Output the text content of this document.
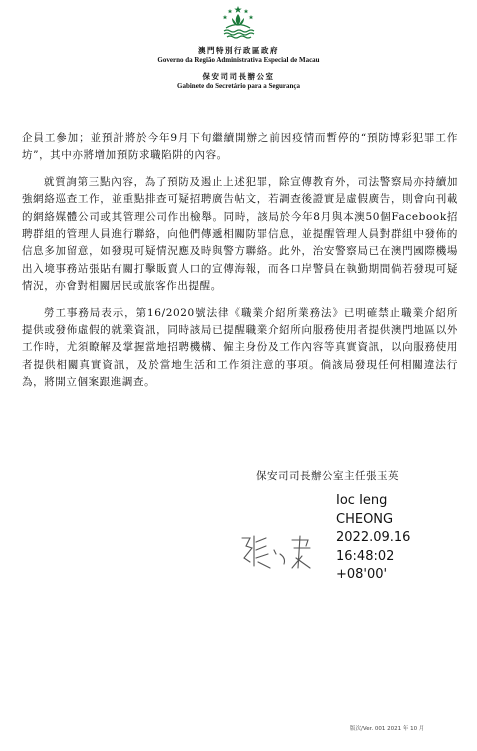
澳門特別行政區政府
Governo da Região Administrativa Especial de Macau
保安司司長辦公室
Gabinete do Secretário para a Segurança

企員工參加；並預計將於今年9月下旬繼續開辦之前因疫情而暫停的“預防博彩犯罪工作坊”，其中亦將增加預防求職陷阱的內容。

就質詢第三點內容，為了預防及遏止上述犯罪，除宣傳教育外，司法警察局亦持續加強網絡巡查工作，並重點排查可疑招聘廣告帖文，若調查後證實是虛假廣告，則會向刊載的網絡媒體公司或其管理公司作出檢舉。同時，該局於今年8月與本澳50個Facebook招聘群組的管理人員進行聯絡，向他們傳遞相關防罪信息，並提醒管理人員對群組中發佈的信息多加留意，如發現可疑情況應及時與警方聯絡。此外，治安警察局已在澳門國際機場出入境事務站張貼有關打擊販賣人口的宣傳海報，而各口岸警員在執勤期間倘若發現可疑情況，亦會對相關居民或旅客作出提醒。

勞工事務局表示，第16/2020號法律《職業介紹所業務法》已明確禁止職業介紹所提供或發佈虛假的就業資訊，同時該局已提醒職業介紹所向服務使用者提供澳門地區以外工作時，尤須瞭解及掌握當地招聘機構、僱主身份及工作內容等真實資訊，以向服務使用者提供相關真實資訊，及於當地生活和工作須注意的事項。倘該局發現任何相關違法行為，將開立個案跟進調查。

保安司司長辦公室主任張玉英
Ioc Ieng
CHEONG
2022.09.16
16:48:02
+08'00'
版次/Ver. 001 2021 年 10 月
